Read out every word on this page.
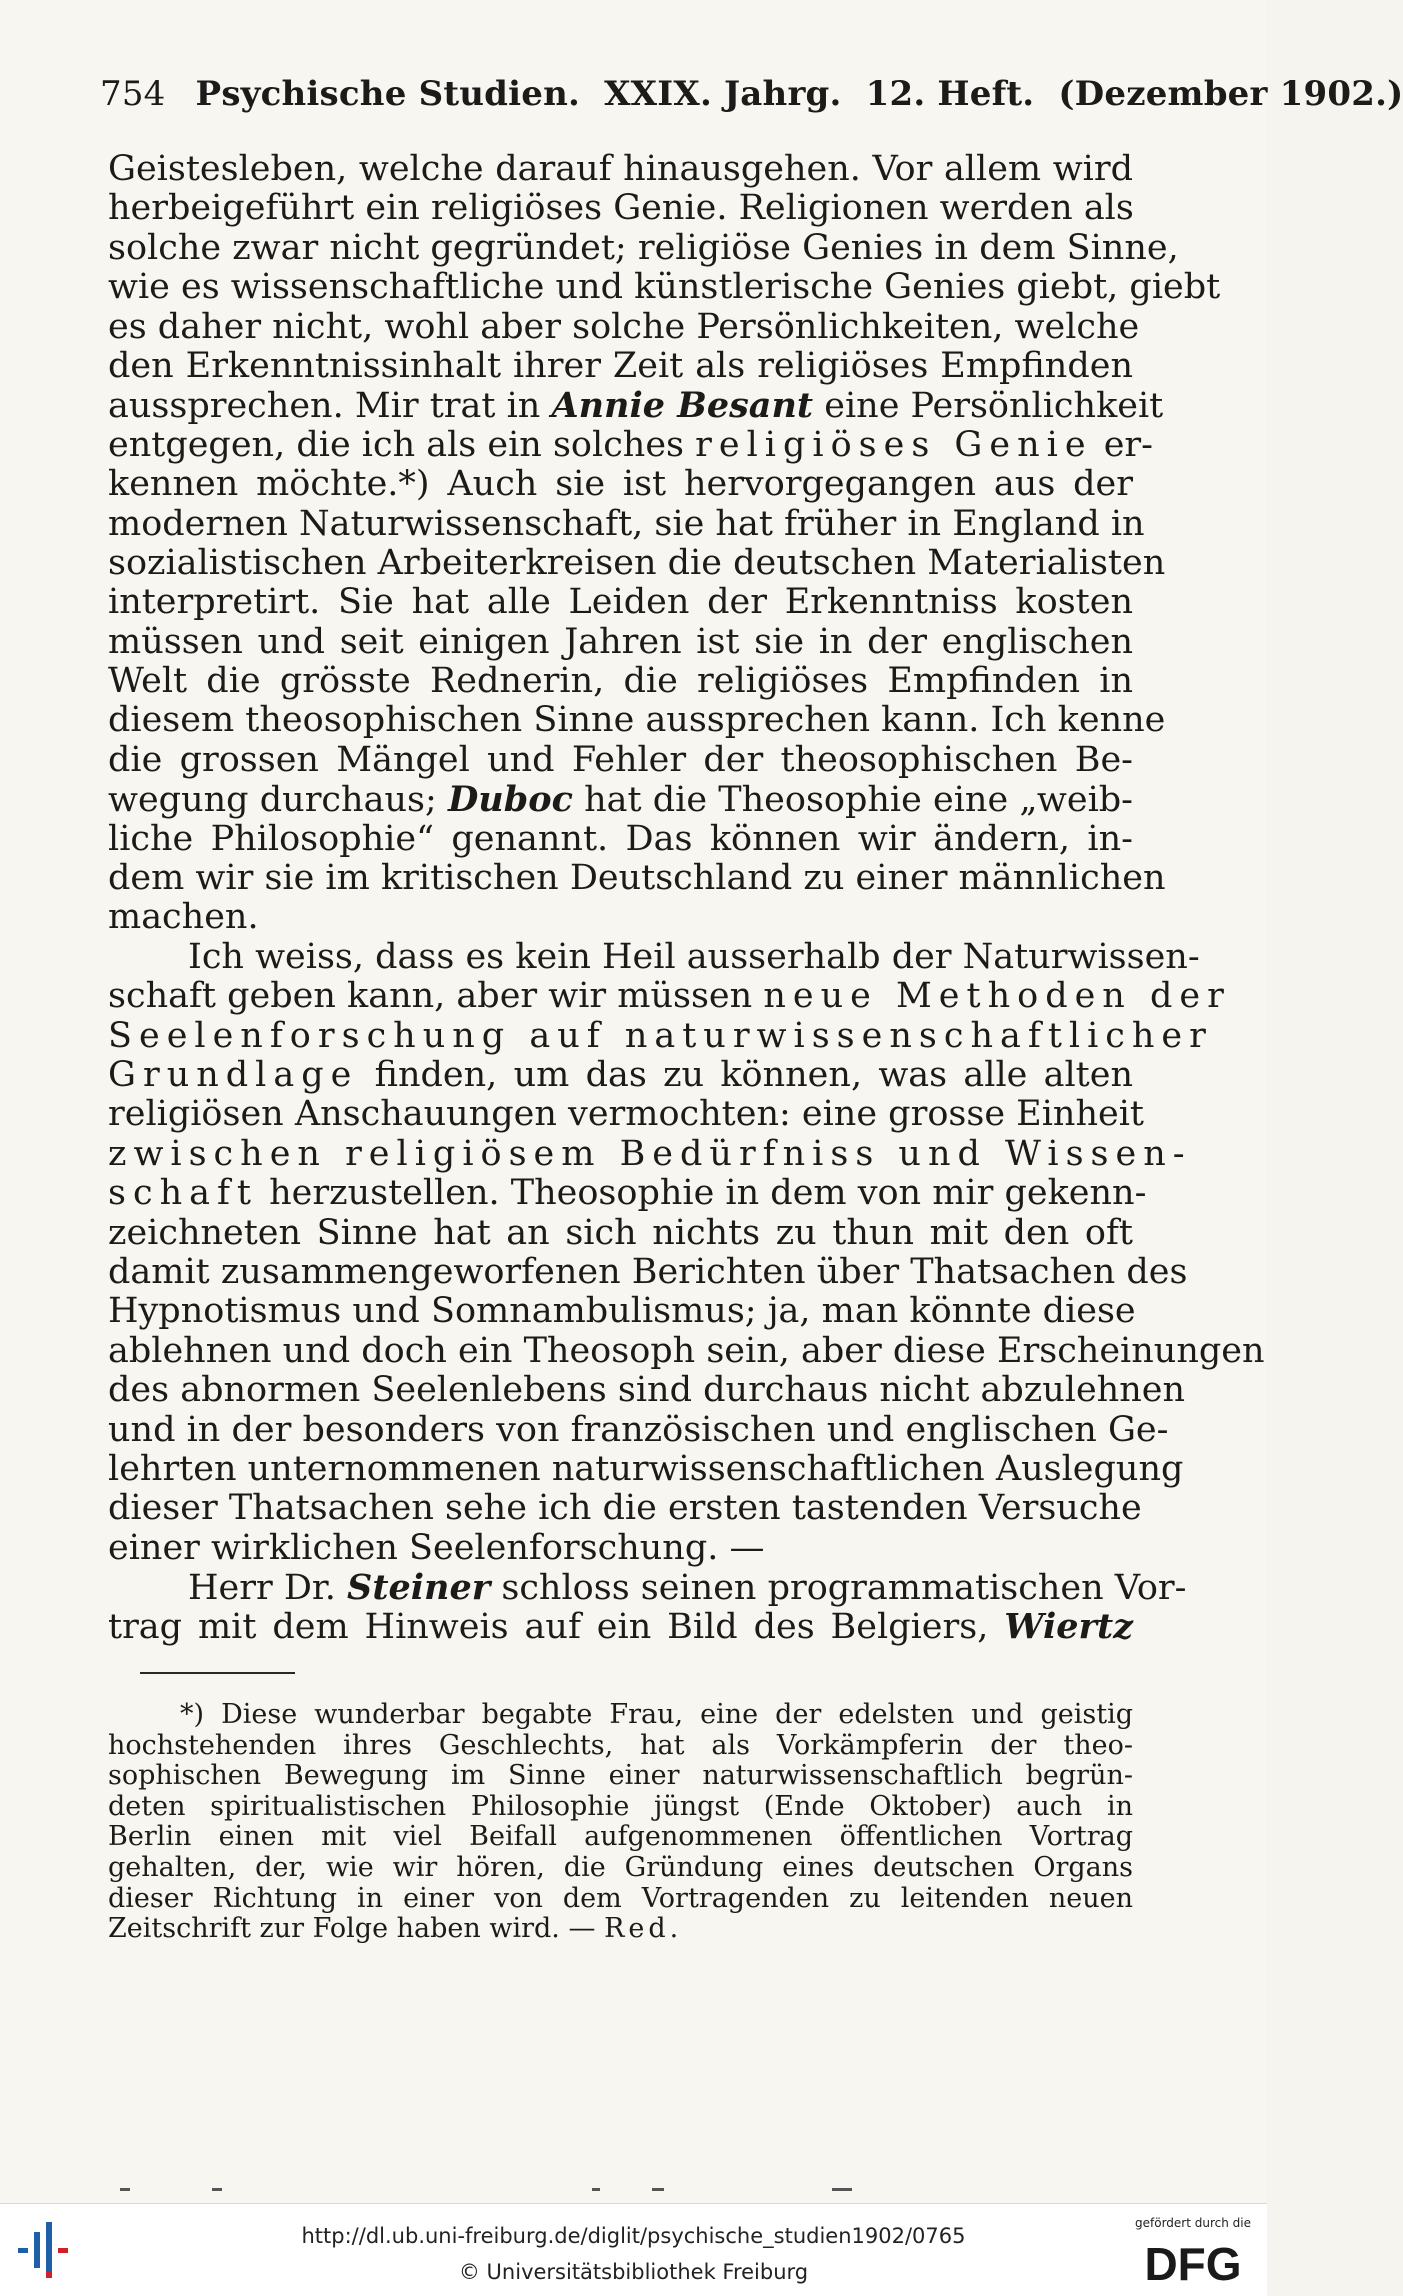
754 Psychische Studien. XXIX. Jahrg. 12. Heft. (Dezember 1902.)
Geistesleben, welche darauf hinausgehen. Vor allem wird
herbeigeführt ein religiöses Genie. Religionen werden als
solche zwar nicht gegründet; religiöse Genies in dem Sinne,
wie es wissenschaftliche und künstlerische Genies giebt, giebt
es daher nicht, wohl aber solche Persönlichkeiten, welche
den Erkenntnissinhalt ihrer Zeit als religiöses Empfinden
aussprechen. Mir trat in Annie Besant eine Persönlichkeit
entgegen, die ich als ein solches religiöses Genie er-
kennen möchte.*) Auch sie ist hervorgegangen aus der
modernen Naturwissenschaft, sie hat früher in England in
sozialistischen Arbeiterkreisen die deutschen Materialisten
interpretirt. Sie hat alle Leiden der Erkenntniss kosten
müssen und seit einigen Jahren ist sie in der englischen
Welt die grösste Rednerin, die religiöses Empfinden in
diesem theosophischen Sinne aussprechen kann. Ich kenne
die grossen Mängel und Fehler der theosophischen Be-
wegung durchaus; Duboc hat die Theosophie eine „weib-
liche Philosophie“ genannt. Das können wir ändern, in-
dem wir sie im kritischen Deutschland zu einer männlichen
machen.
Ich weiss, dass es kein Heil ausserhalb der Naturwissen-
schaft geben kann, aber wir müssen neue Methoden der
Seelenforschung auf naturwissenschaftlicher
Grundlage finden, um das zu können, was alle alten
religiösen Anschauungen vermochten: eine grosse Einheit
zwischen religiösem Bedürfniss und Wissen-
schaft herzustellen. Theosophie in dem von mir gekenn-
zeichneten Sinne hat an sich nichts zu thun mit den oft
damit zusammengeworfenen Berichten über Thatsachen des
Hypnotismus und Somnambulismus; ja, man könnte diese
ablehnen und doch ein Theosoph sein, aber diese Erscheinungen
des abnormen Seelenlebens sind durchaus nicht abzulehnen
und in der besonders von französischen und englischen Ge-
lehrten unternommenen naturwissenschaftlichen Auslegung
dieser Thatsachen sehe ich die ersten tastenden Versuche
einer wirklichen Seelenforschung. —
Herr Dr. Steiner schloss seinen programmatischen Vor-
trag mit dem Hinweis auf ein Bild des Belgiers, Wiertz
*) Diese wunderbar begabte Frau, eine der edelsten und geistig
hochstehenden ihres Geschlechts, hat als Vorkämpferin der theo-
sophischen Bewegung im Sinne einer naturwissenschaftlich begrün-
deten spiritualistischen Philosophie jüngst (Ende Oktober) auch in
Berlin einen mit viel Beifall aufgenommenen öffentlichen Vortrag
gehalten, der, wie wir hören, die Gründung eines deutschen Organs
dieser Richtung in einer von dem Vortragenden zu leitenden neuen
Zeitschrift zur Folge haben wird. — Red.
http://dl.ub.uni-freiburg.de/diglit/psychische_studien1902/0765
© Universitätsbibliothek Freiburg
gefördert durch die
DFG
